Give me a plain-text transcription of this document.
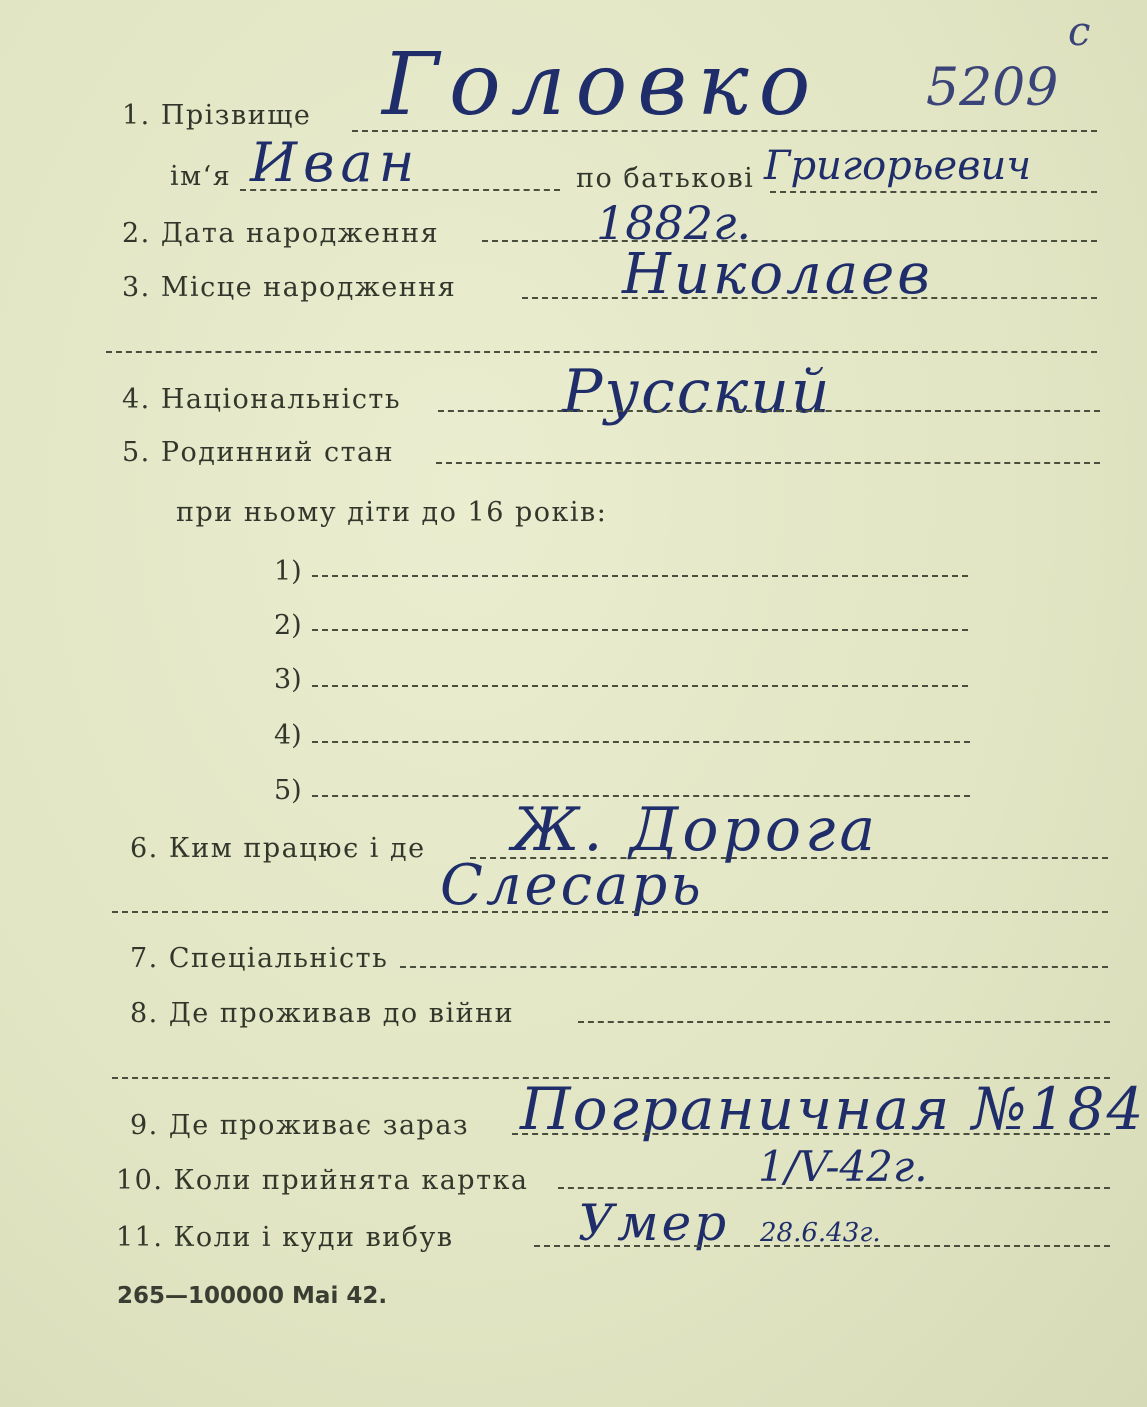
1. Прізвище Головко 5209
с
ім‘я Иван	по батькові Григорьевич
2. Дата народження	1882г.
3. Місце народження	Николаев
4. Національність	Русский
5. Родинний стан
при ньому діти до 16 років:
1)
2)
3)
4)
5)
6. Ким працює і де Ж. Дорога
Слесарь
7. Спеціальність
8. Де проживав до війни
9. Де проживає зараз Пограничная №184
10. Коли прийнята картка	1/V-42г.
11. Коли і куди вибув Умер 28.6.43г.
265—100000 Mai 42.
